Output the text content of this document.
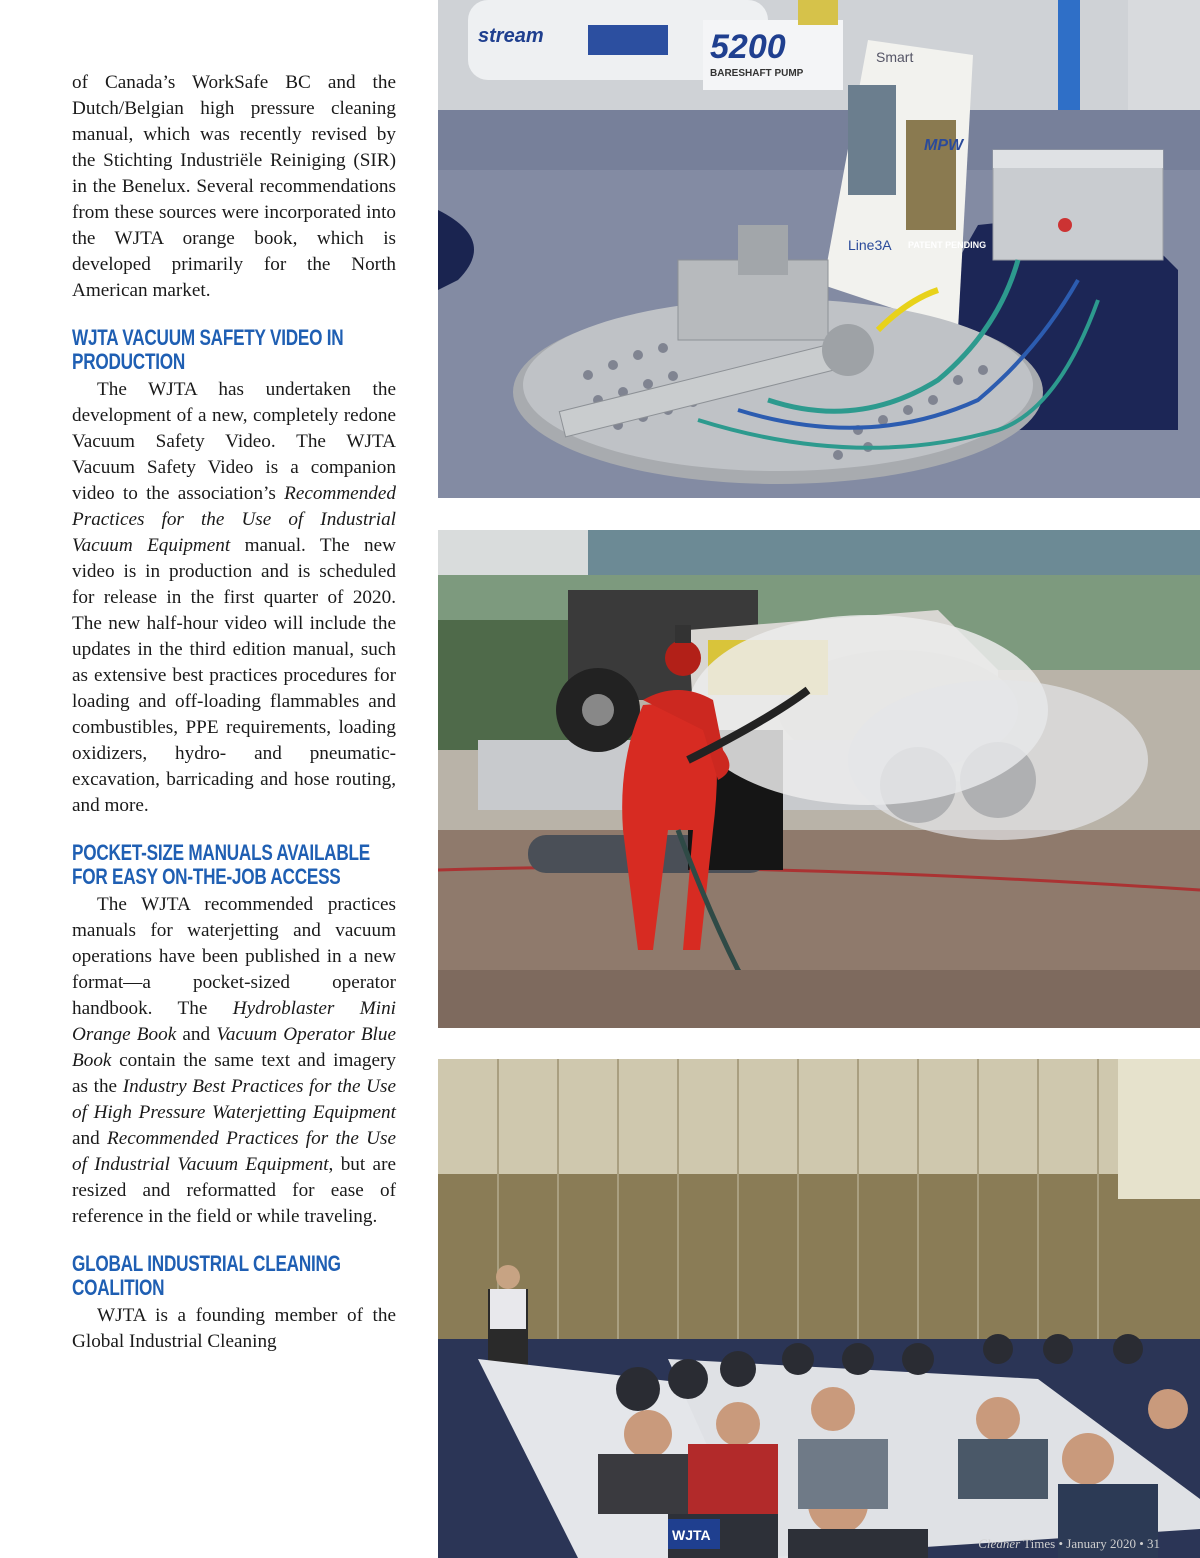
of Canada’s WorkSafe BC and the Dutch/Belgian high pressure cleaning manual, which was recently revised by the Stichting Industriële Reiniging (SIR) in the Benelux. Several recommendations from these sources were incorporated into the WJTA orange book, which is developed primarily for the North American market.

WJTA VACUUM SAFETY VIDEO IN PRODUCTION

The WJTA has undertaken the development of a new, completely redone Vacuum Safety Video. The WJTA Vacuum Safety Video is a companion video to the association’s Recommended Practices for the Use of Industrial Vacuum Equipment manual. The new video is in production and is scheduled for release in the first quarter of 2020. The new half-hour video will include the updates in the third edition manual, such as extensive best practices procedures for loading and off-loading flammables and combustibles, PPE requirements, loading oxidizers, hydro- and pneumatic-excavation, barricading and hose routing, and more.

POCKET-SIZE MANUALS AVAILABLE FOR EASY ON-THE-JOB ACCESS

The WJTA recommended practices manuals for waterjetting and vacuum operations have been published in a new format—a pocket-sized operator handbook. The Hydroblaster Mini Orange Book and Vacuum Operator Blue Book contain the same text and imagery as the Industry Best Practices for the Use of High Pressure Waterjetting Equipment and Recommended Practices for the Use of Industrial Vacuum Equipment, but are resized and reformatted for ease of reference in the field or while traveling.

GLOBAL INDUSTRIAL CLEANING COALITION

WJTA is a founding member of the Global Industrial Cleaning

5200
BARESHAFT PUMP
stream
Smart
MPW
Line3A PATENT PENDING
WJTA
Cleaner Times • January 2020 • 31
